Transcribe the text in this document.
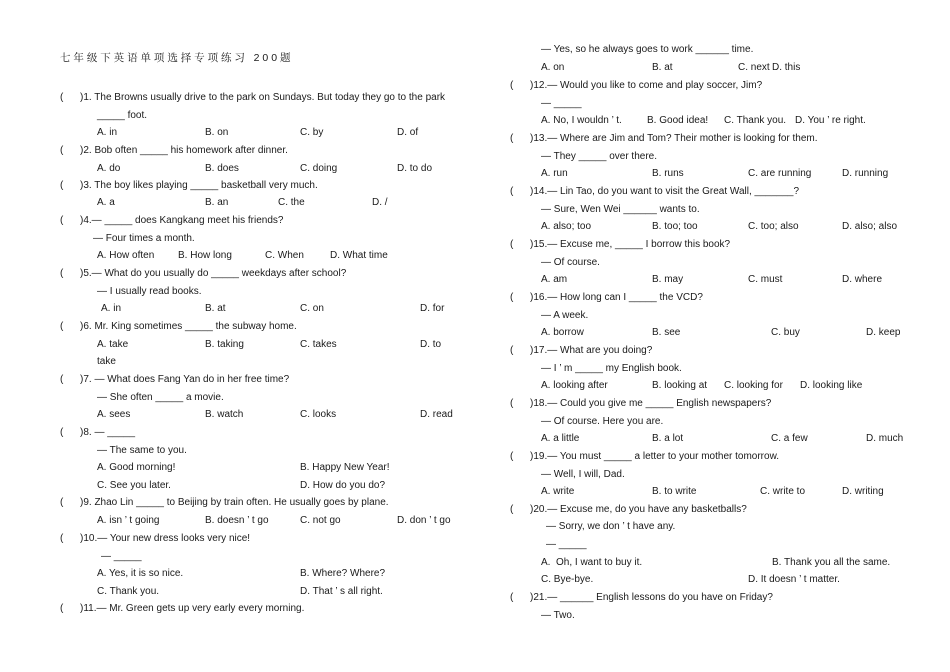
七 年 级 下 英 语 单 项 选 择 专 项 练 习   2 0 0 题
(      )1. The Browns usually drive to the park on Sundays. But today they go to the park
_____ foot.
A. in	B. on	C. by	D. of
(      )2. Bob often _____ his homework after dinner.
A. do	B. does	C. doing	D. to do
(      )3. The boy likes playing _____ basketball very much.
A. a	B. an	C. the	D. /
(      )4.— _____ does Kangkang meet his friends?
— Four times a month.
A. How often B. How long	C. When	D. What time
(      )5.— What do you usually do _____ weekdays after school?
— I usually read books.
A. in	B. at	C. on	D. for
(      )6. Mr. King sometimes _____ the subway home.
A. take	B. taking	C. takes	D. to
take
(      )7. — What does Fang Yan do in her free time?
— She often _____ a movie.
A. sees	B. watch	C. looks	D. read
(      )8. — _____
— The same to you.
A. Good morning!	B. Happy New Year!
C. See you later.	D. How do you do?
(      )9. Zhao Lin _____ to Beijing by train often. He usually goes by plane.
A. isn ’ t going	B. doesn ’ t go	C. not go	D. don ’ t go
(      )10.— Your new dress looks very nice!
— _____
A. Yes, it is so nice.	B. Where? Where?
C. Thank you.	D. That ’ s all right.
(      )11.— Mr. Green gets up very early every morning.
— Yes, so he always goes to work ______ time.
A. on	B. at	C. next D. this
(      )12.— Would you like to come and play soccer, Jim?
— _____
A. No, I wouldn ’ t.	B. Good idea! C. Thank you. D. You ’ re right.
(      )13.— Where are Jim and Tom? Their mother is looking for them.
— They _____ over there.
A. run	B. runs	C. are running	D. running
(      )14.— Lin Tao, do you want to visit the Great Wall, _______?
— Sure, Wen Wei ______ wants to.
A. also; too	B. too; too	C. too; also	D. also; also
(      )15.— Excuse me, _____ I borrow this book?
— Of course.
A. am	B. may	C. must	D. where
(      )16.— How long can I _____ the VCD?
— A week.
A. borrow	B. see	C. buy	D. keep
(      )17.— What are you doing?
— I ’ m _____ my English book.
A. looking after	B. looking at C. looking for D. looking like
(      )18.— Could you give me _____ English newspapers?
— Of course. Here you are.
A. a little	B. a lot	C. a few	D. much
(      )19.— You must _____ a letter to your mother tomorrow.
— Well, I will, Dad.
A. write	B. to write	C. write to	D. writing
(      )20.— Excuse me, do you have any basketballs?
— Sorry, we don ’ t have any.
— _____
A.  Oh, I want to buy it.	B. Thank you all the same.
C. Bye-bye.	D. It doesn ’ t matter.
(      )21.— ______ English lessons do you have on Friday?
— Two.
